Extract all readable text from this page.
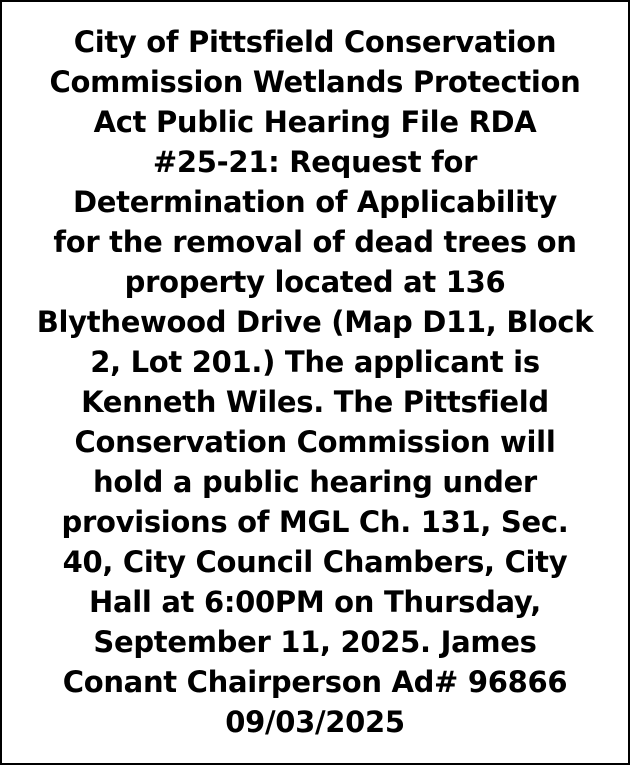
City of Pittsfield Conservation
Commission Wetlands Protection
Act Public Hearing File RDA
#25-21: Request for
Determination of Applicability
for the removal of dead trees on
property located at 136
Blythewood Drive (Map D11, Block
2, Lot 201.) The applicant is
Kenneth Wiles. The Pittsfield
Conservation Commission will
hold a public hearing under
provisions of MGL Ch. 131, Sec.
40, City Council Chambers, City
Hall at 6:00PM on Thursday,
September 11, 2025. James
Conant Chairperson Ad# 96866
09/03/2025
